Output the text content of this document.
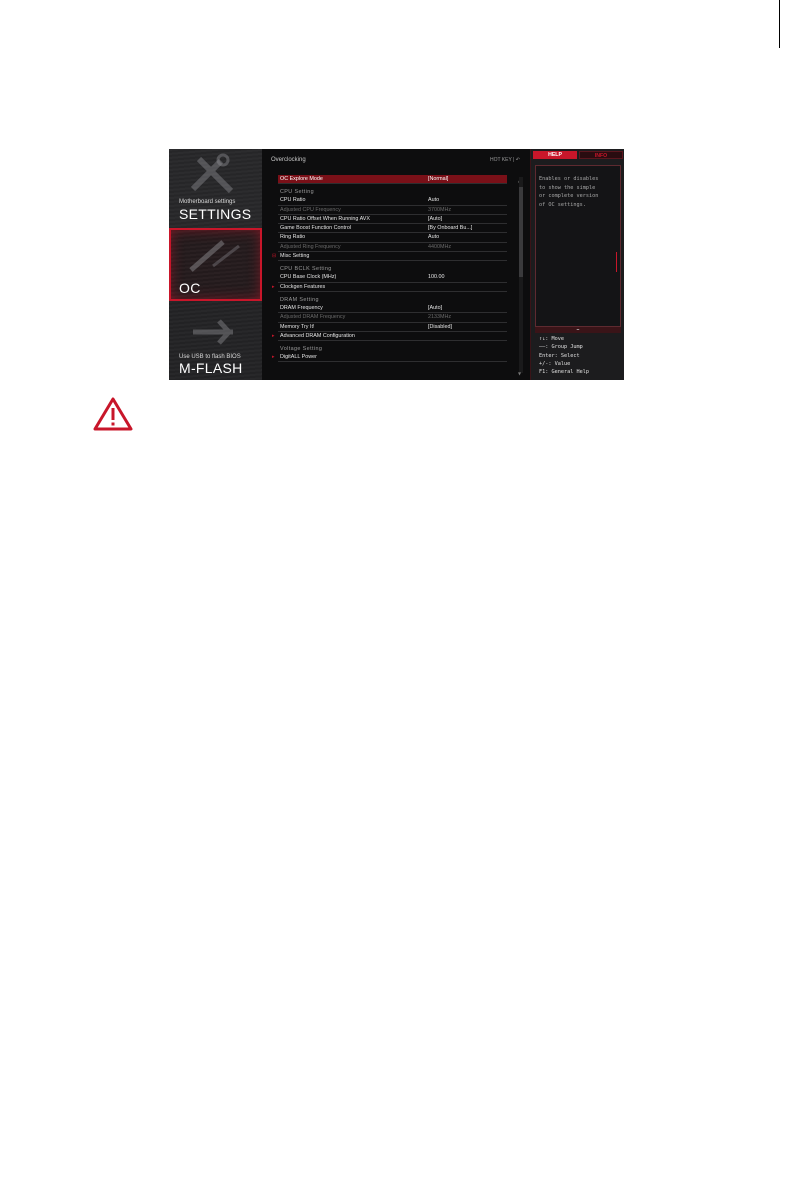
Motherboard settings
SETTINGS
OC
Use USB to flash BIOS
M-FLASH
Overclocking	HOT KEY | ↶
OC Explore Mode	[Normal]
CPU Setting
CPU Ratio	Auto
Adjusted CPU Frequency	3700MHz
CPU Ratio Offset When Running AVX	[Auto]
Game Boost Function Control	[By Onboard Bu...]
Ring Ratio	Auto
Adjusted Ring Frequency	4400MHz
⊟ Misc Setting
CPU BCLK Setting
CPU Base Clock (MHz)	100.00
▸ Clockgen Features
DRAM Setting
DRAM Frequency	[Auto]
Adjusted DRAM Frequency	2133MHz
Memory Try It!	[Disabled]
▸ Advanced DRAM Configuration
Voltage Setting
▸ DigitALL Power
▼
HELP	INFO
Enables or disables
to show the simple
or complete version
of OC settings.
═
↑↓: Move
——: Group Jump
Enter: Select
+/-: Value
F1: General Help
